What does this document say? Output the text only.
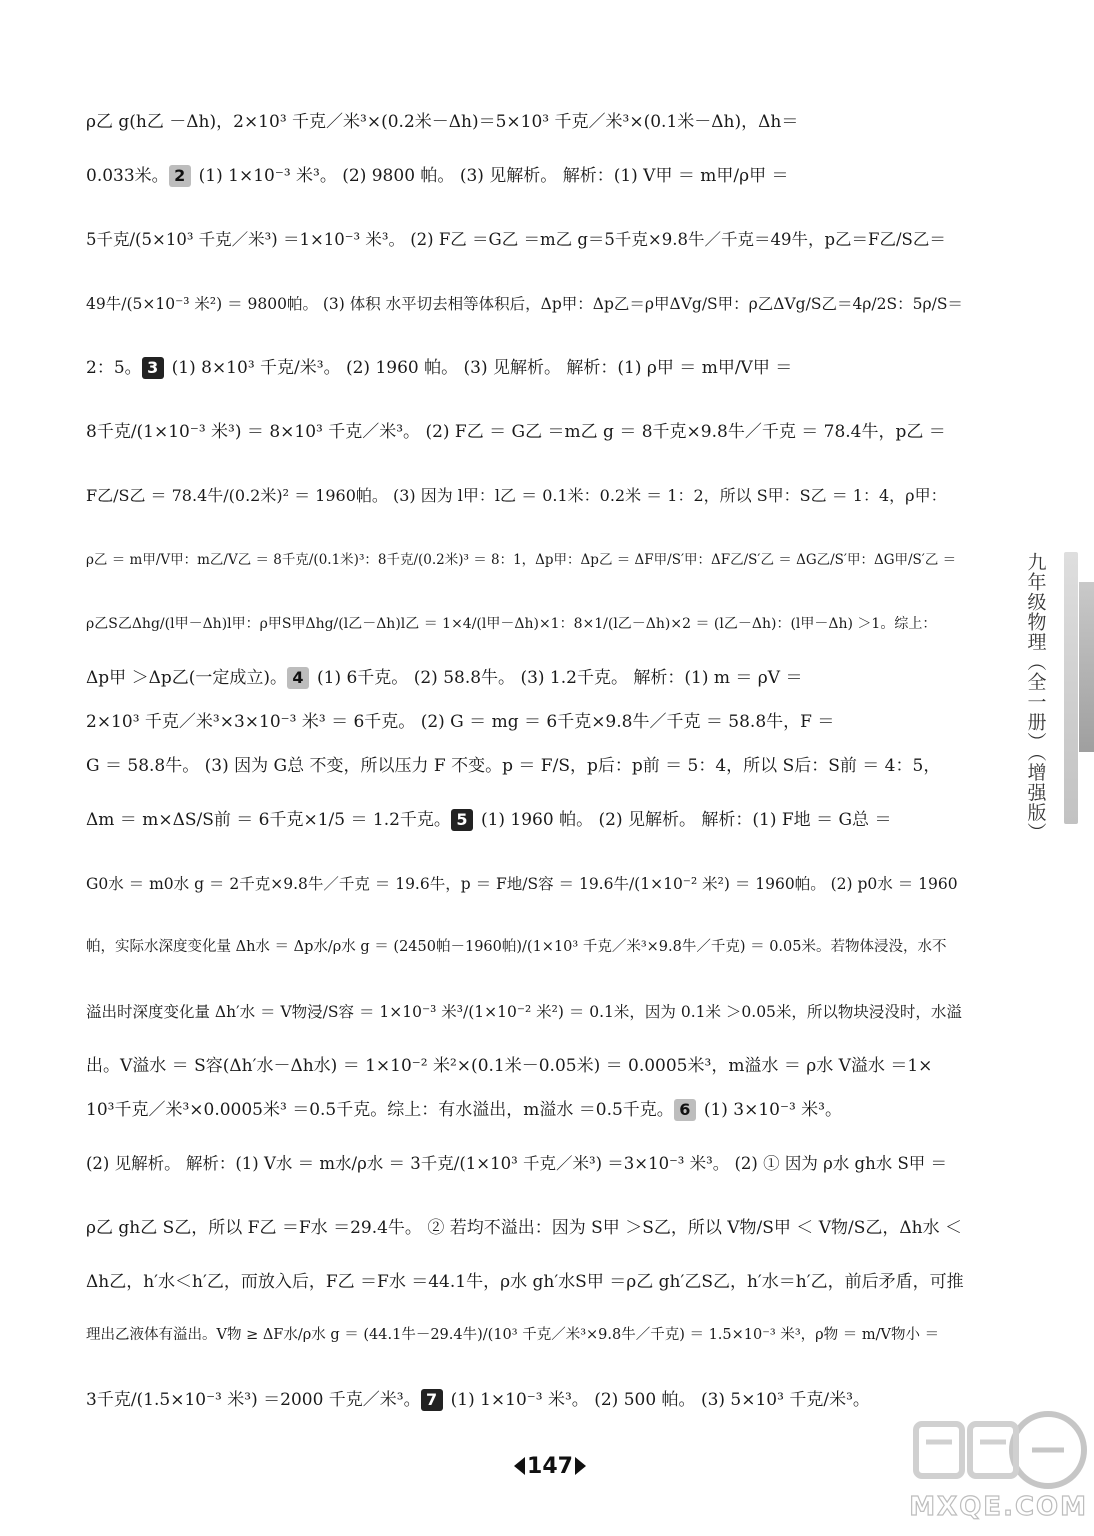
ρ乙 g(h乙 －Δh)，2×10³ 千克／米³×(0.2米－Δh)＝5×10³ 千克／米³×(0.1米－Δh)，Δh＝
0.033米。 2 (1) 1×10⁻³ 米³。 (2) 9800 帕。 (3) 见解析。 解析：(1) V甲 ＝ m甲/ρ甲 ＝
5千克/(5×10³ 千克／米³) ＝1×10⁻³ 米³。 (2) F乙 ＝G乙 ＝m乙 g＝5千克×9.8牛／千克＝49牛，p乙＝F乙/S乙＝
49牛/(5×10⁻³ 米²) ＝ 9800帕。 (3) 体积 水平切去相等体积后，Δp甲：Δp乙＝ρ甲ΔVg/S甲：ρ乙ΔVg/S乙＝4ρ/2S：5ρ/S＝
2：5。 3 (1) 8×10³ 千克/米³。 (2) 1960 帕。 (3) 见解析。 解析：(1) ρ甲 ＝ m甲/V甲 ＝
8千克/(1×10⁻³ 米³) ＝ 8×10³ 千克／米³。 (2) F乙 ＝ G乙 ＝m乙 g ＝ 8千克×9.8牛／千克 ＝ 78.4牛，p乙 ＝
F乙/S乙 ＝ 78.4牛/(0.2米)² ＝ 1960帕。 (3) 因为 l甲：l乙 ＝ 0.1米：0.2米 ＝ 1：2，所以 S甲：S乙 ＝ 1：4，ρ甲：
ρ乙 ＝ m甲/V甲：m乙/V乙 ＝ 8千克/(0.1米)³：8千克/(0.2米)³ ＝ 8：1，Δp甲：Δp乙 ＝ ΔF甲/S′甲：ΔF乙/S′乙 ＝ ΔG乙/S′甲：ΔG甲/S′乙 ＝
ρ乙S乙Δhg/(l甲－Δh)l甲：ρ甲S甲Δhg/(l乙－Δh)l乙 ＝ 1×4/(l甲－Δh)×1：8×1/(l乙－Δh)×2 ＝ (l乙－Δh)：(l甲－Δh) ＞1。综上：
Δp甲 ＞Δp乙(一定成立)。 4 (1) 6千克。 (2) 58.8牛。 (3) 1.2千克。 解析：(1) m ＝ ρV ＝
2×10³ 千克／米³×3×10⁻³ 米³ ＝ 6千克。 (2) G ＝ mg ＝ 6千克×9.8牛／千克 ＝ 58.8牛，F ＝
G ＝ 58.8牛。 (3) 因为 G总 不变，所以压力 F 不变。p ＝ F/S，p后：p前 ＝ 5：4，所以 S后：S前 ＝ 4：5，
Δm ＝ m×ΔS/S前 ＝ 6千克×1/5 ＝ 1.2千克。 5 (1) 1960 帕。 (2) 见解析。 解析：(1) F地 ＝ G总 ＝
G0水 ＝ m0水 g ＝ 2千克×9.8牛／千克 ＝ 19.6牛，p ＝ F地/S容 ＝ 19.6牛/(1×10⁻² 米²) ＝ 1960帕。 (2) p0水 ＝ 1960
帕，实际水深度变化量 Δh水 ＝ Δp水/ρ水 g ＝ (2450帕－1960帕)/(1×10³ 千克／米³×9.8牛／千克) ＝ 0.05米。若物体浸没，水不
溢出时深度变化量 Δh′水 ＝ V物浸/S容 ＝ 1×10⁻³ 米³/(1×10⁻² 米²) ＝ 0.1米，因为 0.1米 ＞0.05米，所以物块浸没时，水溢
出。V溢水 ＝ S容(Δh′水－Δh水) ＝ 1×10⁻² 米²×(0.1米－0.05米) ＝ 0.0005米³，m溢水 ＝ ρ水 V溢水 ＝1×
10³千克／米³×0.0005米³ ＝0.5千克。综上：有水溢出，m溢水 ＝0.5千克。 6 (1) 3×10⁻³ 米³。
(2) 见解析。 解析：(1) V水 ＝ m水/ρ水 ＝ 3千克/(1×10³ 千克／米³) ＝3×10⁻³ 米³。 (2) ① 因为 ρ水 gh水 S甲 ＝
ρ乙 gh乙 S乙，所以 F乙 ＝F水 ＝29.4牛。 ② 若均不溢出：因为 S甲 ＞S乙，所以 V物/S甲 ＜ V物/S乙，Δh水 ＜
Δh乙，h′水＜h′乙，而放入后，F乙 ＝F水 ＝44.1牛，ρ水 gh′水S甲 ＝ρ乙 gh′乙S乙，h′水＝h′乙，前后矛盾，可推
理出乙液体有溢出。V物 ≥ ΔF水/ρ水 g ＝ (44.1牛－29.4牛)/(10³ 千克／米³×9.8牛／千克) ＝ 1.5×10⁻³ 米³，ρ物 ＝ m/V物小 ＝
3千克/(1.5×10⁻³ 米³) ＝2000 千克／米³。 7 (1) 1×10⁻³ 米³。 (2) 500 帕。 (3) 5×10³ 千克/米³。
九年级物理（全一册）（增强版）
147
MXQE.COM
